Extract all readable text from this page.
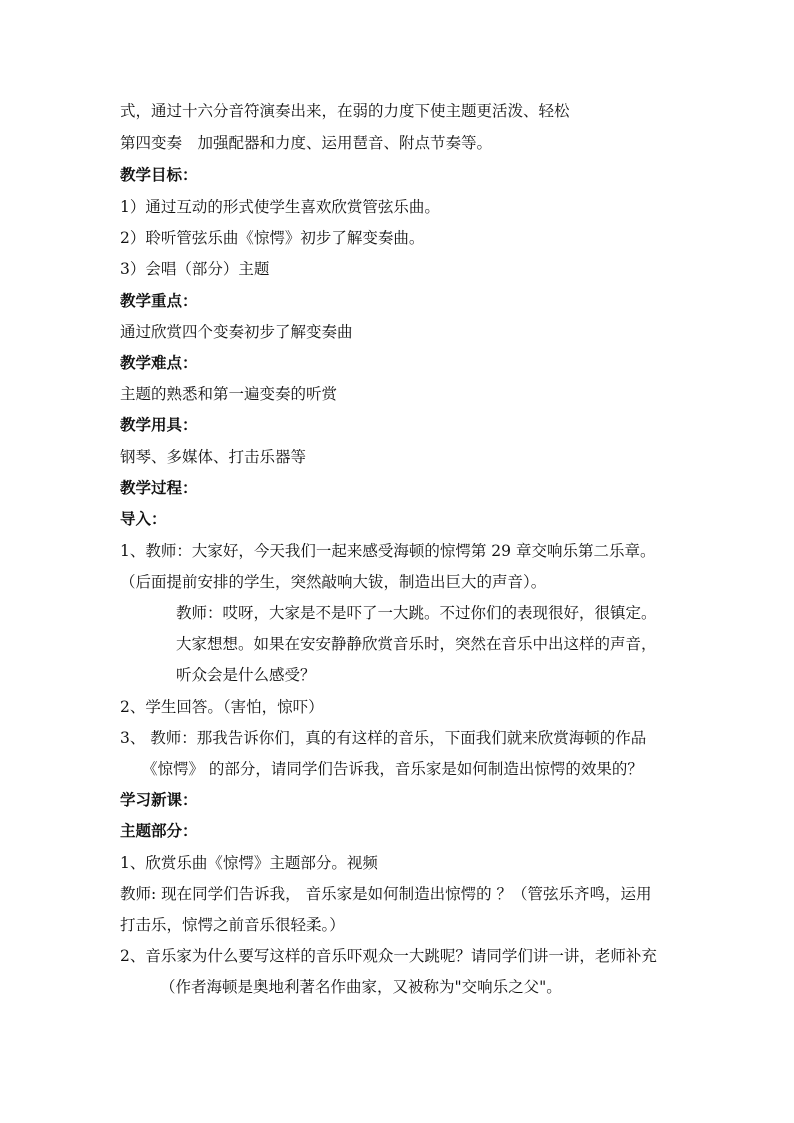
式，通过十六分音符演奏出来，在弱的力度下使主题更活泼、轻松

第四变奏　加强配器和力度、运用琶音、附点节奏等。

教学目标：

1）通过互动的形式使学生喜欢欣赏管弦乐曲。

2）聆听管弦乐曲《惊愕》初步了解变奏曲。

3）会唱（部分）主题

教学重点：

通过欣赏四个变奏初步了解变奏曲

教学难点：

主题的熟悉和第一遍变奏的听赏

教学用具：

钢琴、多媒体、打击乐器等

教学过程：

导入：

1、教师：大家好，今天我们一起来感受海顿的惊愕第 29 章交响乐第二乐章。

（后面提前安排的学生，突然敲响大钹，制造出巨大的声音）。

教师：哎呀，大家是不是吓了一大跳。不过你们的表现很好，很镇定。

大家想想。如果在安安静静欣赏音乐时，突然在音乐中出这样的声音，

听众会是什么感受？

2、学生回答。（害怕，惊吓）

3、 教师：那我告诉你们，真的有这样的音乐，下面我们就来欣赏海顿的作品

《惊愕》 的部分，请同学们告诉我，音乐家是如何制造出惊愕的效果的？

学习新课：

主题部分：

1、欣赏乐曲《惊愕》主题部分。视频

教师: 现在同学们告诉我， 音乐家是如何制造出惊愕的 ？（管弦乐齐鸣，运用

打击乐，惊愕之前音乐很轻柔。）

2、音乐家为什么要写这样的音乐吓观众一大跳呢？请同学们讲一讲，老师补充

（作者海顿是奥地利著名作曲家，又被称为"交响乐之父"。
